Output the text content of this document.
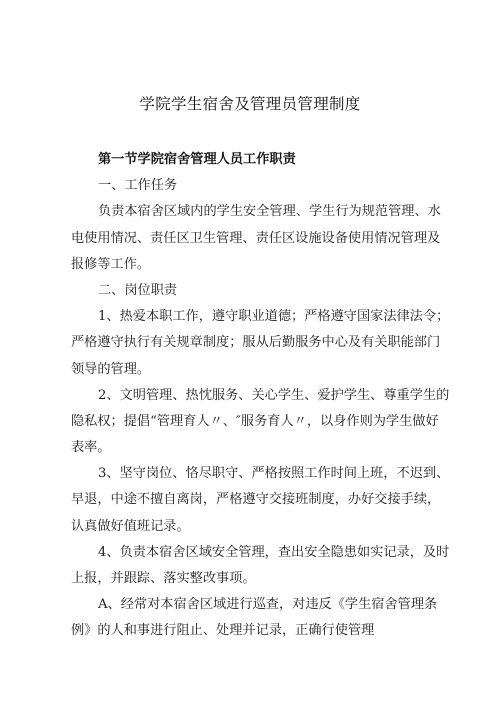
学院学生宿舍及管理员管理制度
第一节学院宿舍管理人员工作职责
一、工作任务
负责本宿舍区域内的学生安全管理、学生行为规范管理、水
电使用情况、责任区卫生管理、责任区设施设备使用情况管理及
报修等工作。
二、岗位职责
1、热爱本职工作，遵守职业道德；严格遵守国家法律法令；
严格遵守执行有关规章制度；服从后勤服务中心及有关职能部门
领导的管理。
2、文明管理、热忱服务、关心学生、爱护学生、尊重学生的
隐私权；提倡“管理育人〃、″服务育人〃，以身作则为学生做好
表率。
3、坚守岗位、恪尽职守、严格按照工作时间上班，不迟到、
早退，中途不擅自离岗，严格遵守交接班制度，办好交接手续，
认真做好值班记录。
4、负责本宿舍区域安全管理，查出安全隐患如实记录，及时
上报，并跟踪、落实整改事项。
A、经常对本宿舍区域进行巡查，对违反《学生宿舍管理条
例》的人和事进行阻止、处理并记录，正确行使管理
